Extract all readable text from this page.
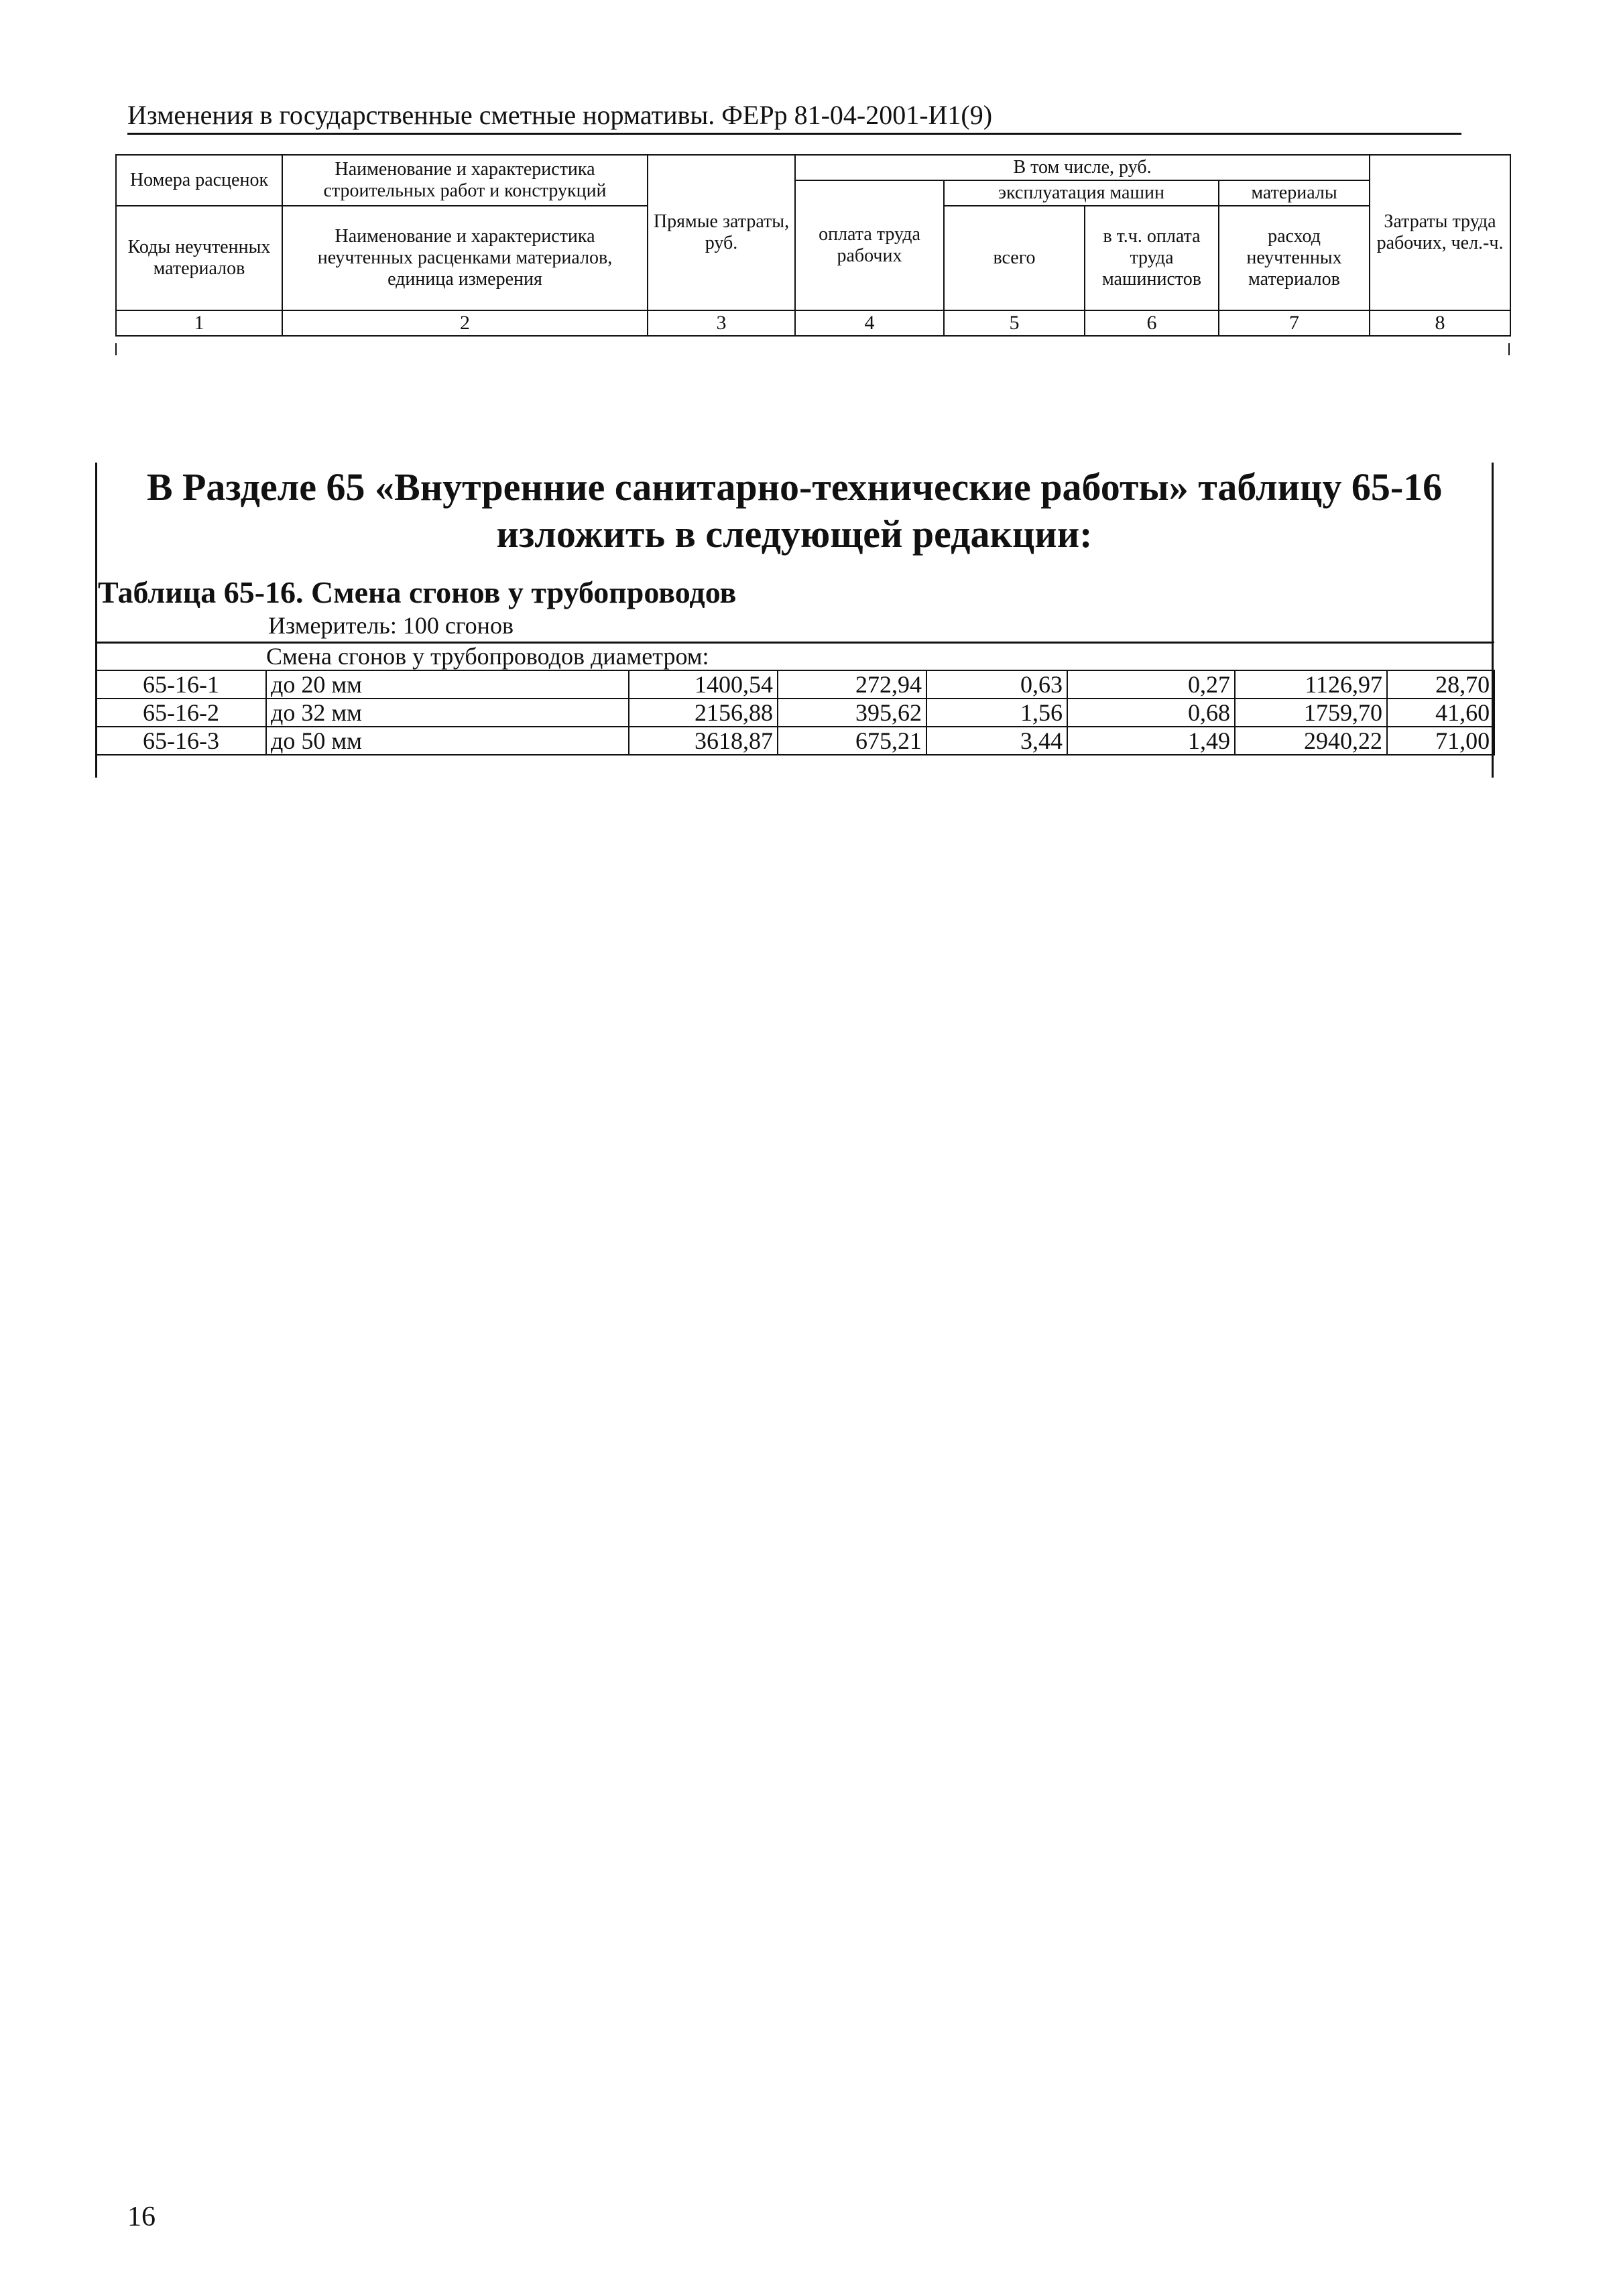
Изменения в государственные сметные нормативы. ФЕРр 81-04-2001-И1(9)
Номера расценок	Наименование и характеристика строительных работ и конструкций	Прямые затраты, руб.	В том числе, руб.				Затраты труда рабочих, чел.-ч.
			оплата труда рабочих	эксплуатация машин		материалы	
Коды неучтенных материалов	Наименование и характеристика неучтенных расценками материалов, единица измерения			всего	в т.ч. оплата труда машинистов	расход неучтенных материалов	

1	2	3	4	5	6	7	8
В Разделе 65 «Внутренние санитарно-технические работы» таблицу 65-16
изложить в следующей редакции:
Таблица 65-16. Смена сгонов у трубопроводов
Измеритель: 100 сгонов
Смена сгонов у трубопроводов диаметром:							
65-16-1	до 20 мм	1400,54	272,94	0,63	0,27	1126,97	28,70
65-16-2	до 32 мм	2156,88	395,62	1,56	0,68	1759,70	41,60
65-16-3	до 50 мм	3618,87	675,21	3,44	1,49	2940,22	71,00
16
